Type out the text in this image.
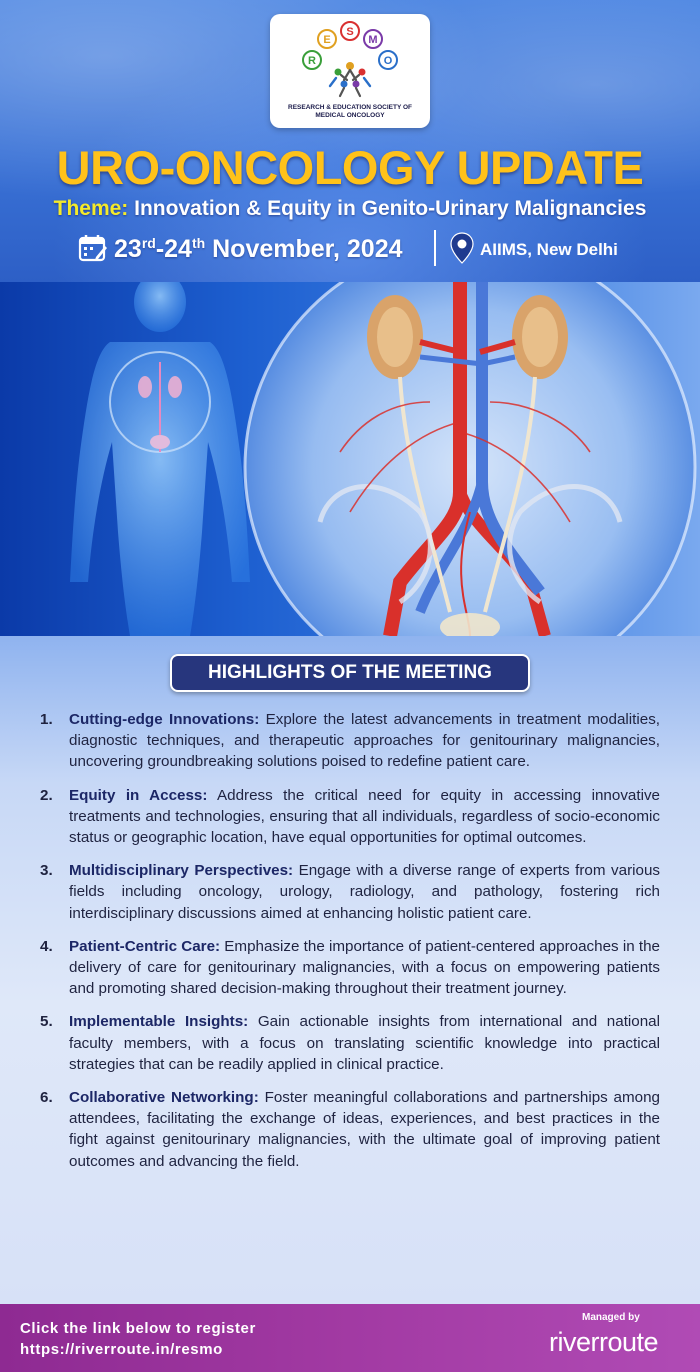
R
E
S
M
O
RESEARCH & EDUCATION SOCIETY OF MEDICAL ONCOLOGY
URO-ONCOLOGY UPDATE
Theme: Innovation & Equity in Genito-Urinary Malignancies
23rd-24th November, 2024	AIIMS, New Delhi
HIGHLIGHTS OF THE MEETING
1. Cutting-edge Innovations: Explore the latest advancements in treatment modalities, diagnostic techniques, and therapeutic approaches for genitourinary malignancies, uncovering groundbreaking solutions poised to redefine patient care.
2. Equity in Access: Address the critical need for equity in accessing innovative treatments and technologies, ensuring that all individuals, regardless of socio-economic status or geographic location, have equal opportunities for optimal outcomes.
3. Multidisciplinary Perspectives: Engage with a diverse range of experts from various fields including oncology, urology, radiology, and pathology, fostering rich interdisciplinary discussions aimed at enhancing holistic patient care.
4. Patient-Centric Care: Emphasize the importance of patient-centered approaches in the delivery of care for genitourinary malignancies, with a focus on empowering patients and promoting shared decision-making throughout their treatment journey.
5. Implementable Insights: Gain actionable insights from international and national faculty members, with a focus on translating scientific knowledge into practical strategies that can be readily applied in clinical practice.
6. Collaborative Networking: Foster meaningful collaborations and partnerships among attendees, facilitating the exchange of ideas, experiences, and best practices in the fight against genitourinary malignancies, with the ultimate goal of improving patient outcomes and advancing the field.
Click the link below to register
https://riverroute.in/resmo
Managed by
riverroute
